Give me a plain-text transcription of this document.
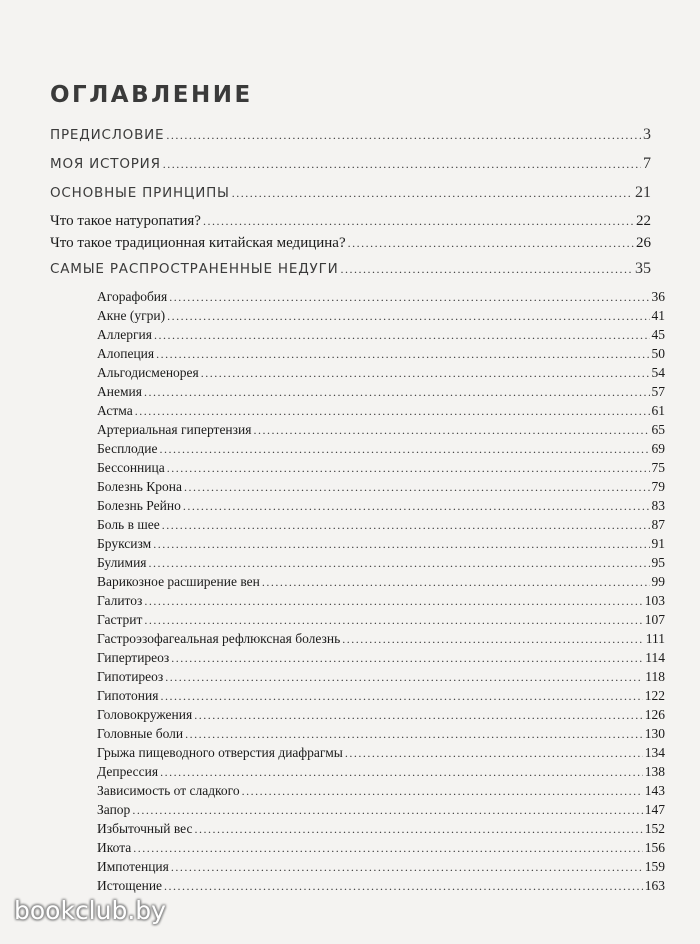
ОГЛАВЛЕНИЕ
ПРЕДИСЛОВИЕ .....	3
МОЯ ИСТОРИЯ .....	7
ОСНОВНЫЕ ПРИНЦИПЫ .....	21
Что такое натуропатия? .....	22
Что такое традиционная китайская медицина? .....	26
САМЫЕ РАСПРОСТРАНЕННЫЕ НЕДУГИ .....	35
Агорафобия .....	36
Акне (угри) .....	41
Аллергия .....	45
Алопеция .....	50
Альгодисменорея .....	54
Анемия .....	57
Астма .....	61
Артериальная гипертензия .....	65
Бесплодие .....	69
Бессонница .....	75
Болезнь Крона .....	79
Болезнь Рейно .....	83
Боль в шее .....	87
Бруксизм .....	91
Булимия .....	95
Варикозное расширение вен .....	99
Галитоз .....	103
Гастрит .....	107
Гастроэзофагеальная рефлюксная болезнь .....	111
Гипертиреоз .....	114
Гипотиреоз .....	118
Гипотония .....	122
Головокружения .....	126
Головные боли .....	130
Грыжа пищеводного отверстия диафрагмы .....	134
Депрессия .....	138
Зависимость от сладкого .....	143
Запор .....	147
Избыточный вес .....	152
Икота .....	156
Импотенция .....	159
Истощение .....	163
bookclub.by
